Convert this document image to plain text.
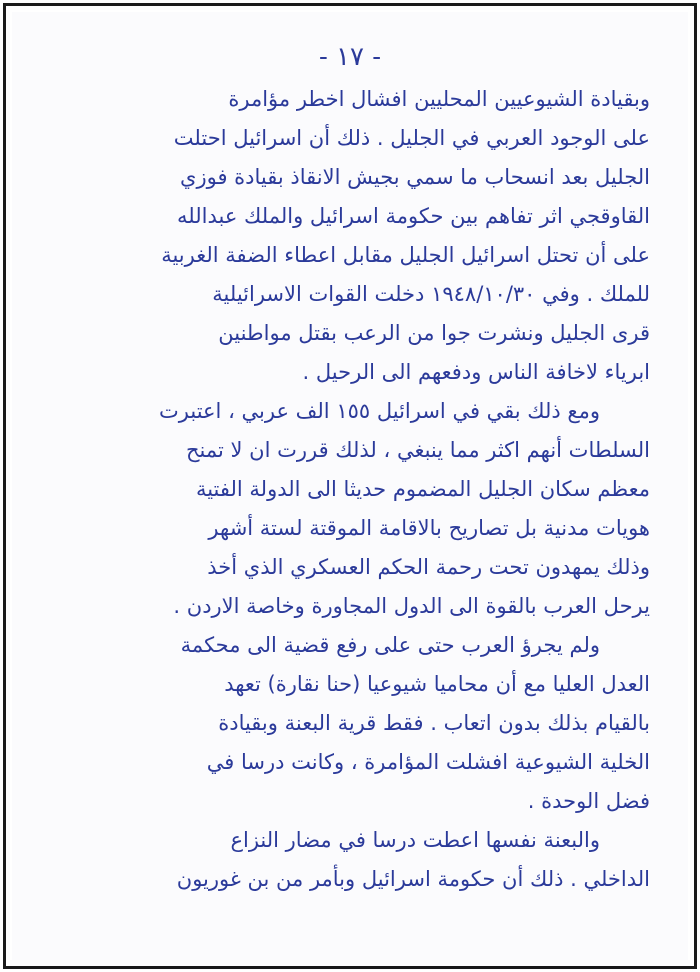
- ١٧ -
وبقيادة الشيوعيين المحليين افشال اخطر مؤامرة
على الوجود العربي في الجليل . ذلك أن اسرائيل احتلت
الجليل بعد انسحاب ما سمي بجيش الانقاذ بقيادة فوزي
القاوقجي اثر تفاهم بين حكومة اسرائيل والملك عبدالله
على أن تحتل اسرائيل الجليل مقابل اعطاء الضفة الغربية
للملك . وفي ١٩٤٨/١٠/٣٠ دخلت القوات الاسرائيلية
قرى الجليل ونشرت جوا من الرعب بقتل مواطنين
ابرياء لاخافة الناس ودفعهم الى الرحيل .
ومع ذلك بقي في اسرائيل ١٥٥ الف عربي ، اعتبرت
السلطات أنهم اكثر مما ينبغي ، لذلك قررت ان لا تمنح
معظم سكان الجليل المضموم حديثا الى الدولة الفتية
هويات مدنية بل تصاريح بالاقامة الموقتة لستة أشهر
وذلك يمهدون تحت رحمة الحكم العسكري الذي أخذ
يرحل العرب بالقوة الى الدول المجاورة وخاصة الاردن .
ولم يجرؤ العرب حتى على رفع قضية الى محكمة
العدل العليا مع أن محاميا شيوعيا (حنا نقارة) تعهد
بالقيام بذلك بدون اتعاب . فقط قرية البعنة وبقيادة
الخلية الشيوعية افشلت المؤامرة ، وكانت درسا في
فضل الوحدة .
والبعنة نفسها اعطت درسا في مضار النزاع
الداخلي . ذلك أن حكومة اسرائيل وبأمر من بن غوريون
